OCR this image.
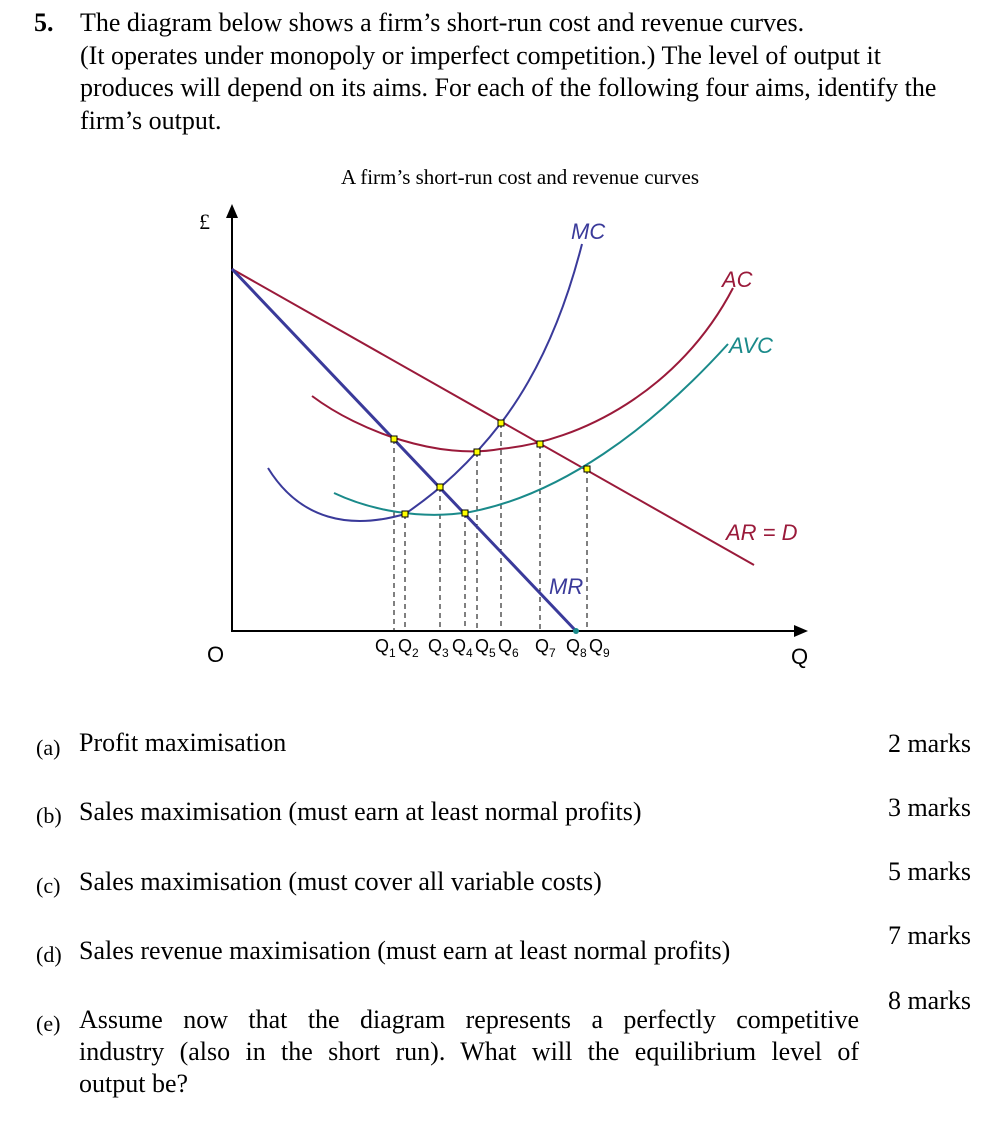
5. The diagram below shows a firm’s short-run cost and revenue curves.
(It operates under monopoly or imperfect competition.) The level of output it
produces will depend on its aims. For each of the following four aims, identify the
firm’s output.
A firm’s short-run cost and revenue curves
£
O	Q
MC
AC
AVC
AR = D
MR
$Q_1$ $Q_2$ $Q_3$ $Q_4$ $Q_5$ $Q_6$ $Q_7$ $Q_8$ $Q_9$
(a) Profit maximisation	2 marks
(b) Sales maximisation (must earn at least normal profits)	3 marks
(c) Sales maximisation (must cover all variable costs)	5 marks
(d) Sales revenue maximisation (must earn at least normal profits)
7 marks
(e) Assume now that the diagram represents a perfectly competitive
industry (also in the short run). What will the equilibrium level of
output be?
8 marks
